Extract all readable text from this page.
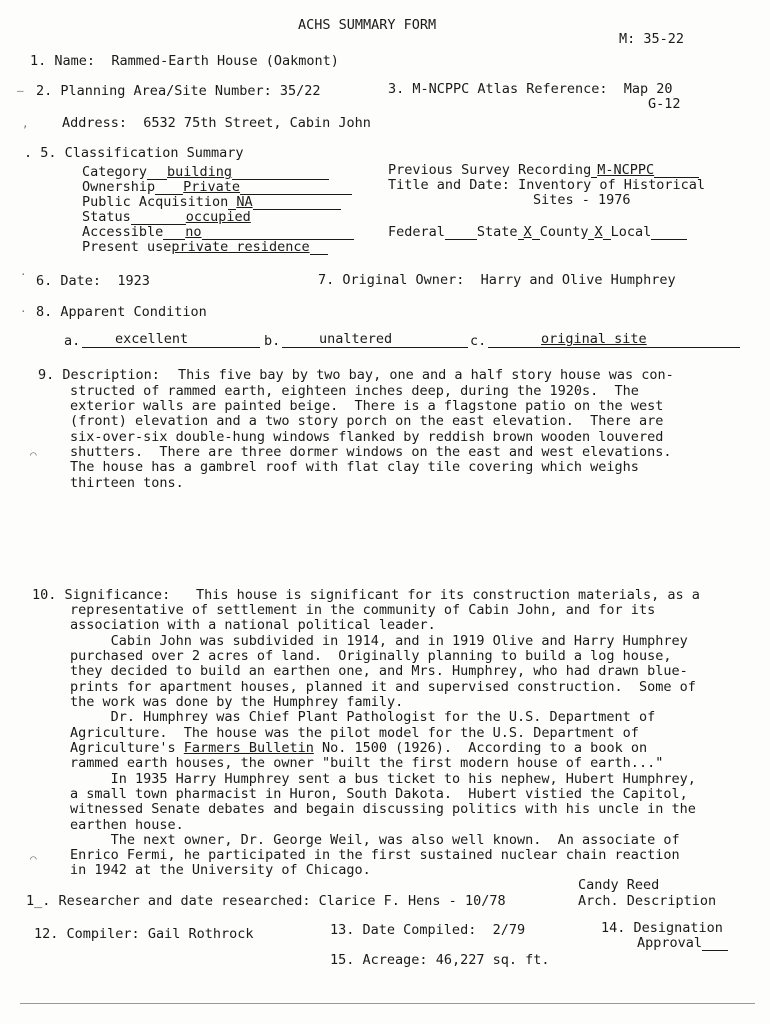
ACHS SUMMARY FORM
M: 35-22
1. Name: Rammed-Earth House (Oakmont)
— 2. Planning Area/Site Number: 35/22	3. M-NCPPC Atlas Reference: Map 20
G-12
, Address: 6532 75th Street, Cabin John
. 5. Classification Summary
Category building
Ownership Private
Public Acquisition NA
Status	occupied
Accessible no
Present useprivate residence
Previous Survey Recording M-NCPPC
Title and Date: Inventory of Historical
Sites - 1976
Federal State X County X Local
· 6. Date: 1923	7. Original Owner: Harry and Olive Humphrey
· 8. Apparent Condition
a.	excellent	b.	unaltered	c.	original site
9. Description: This five bay by two bay, one and a half story house was con-
structed of rammed earth, eighteen inches deep, during the 1920s.  The
exterior walls are painted beige.  There is a flagstone patio on the west
(front) elevation and a two story porch on the east elevation.  There are
six-over-six double-hung windows flanked by reddish brown wooden louvered
shutters.  There are three dormer windows on the east and west elevations.
The house has a gambrel roof with flat clay tile covering which weighs
thirteen tons.
⌒
10. Significance: This house is significant for its construction materials, as a
representative of settlement in the community of Cabin John, and for its
association with a national political leader.
Cabin John was subdivided in 1914, and in 1919 Olive and Harry Humphrey
purchased over 2 acres of land.  Originally planning to build a log house,
they decided to build an earthen one, and Mrs. Humphrey, who had drawn blue-
prints for apartment houses, planned it and supervised construction.  Some of
the work was done by the Humphrey family.
Dr. Humphrey was Chief Plant Pathologist for the U.S. Department of
Agriculture.  The house was the pilot model for the U.S. Department of
Agriculture's Farmers Bulletin No. 1500 (1926).  According to a book on
rammed earth houses, the owner "built the first modern house of earth..."
In 1935 Harry Humphrey sent a bus ticket to his nephew, Hubert Humphrey,
a small town pharmacist in Huron, South Dakota.  Hubert vistied the Capitol,
witnessed Senate debates and begain discussing politics with his uncle in the
earthen house.
The next owner, Dr. George Weil, was also well known.  An associate of
Enrico Fermi, he participated in the first sustained nuclear chain reaction
in 1942 at the University of Chicago.
⌒
Candy Reed
1_. Researcher and date researched: Clarice F. Hens - 10/78	Arch. Description
12. Compiler: Gail Rothrock	13. Date Compiled: 2/79	14. Designation
Approval
15. Acreage: 46,227 sq. ft.
